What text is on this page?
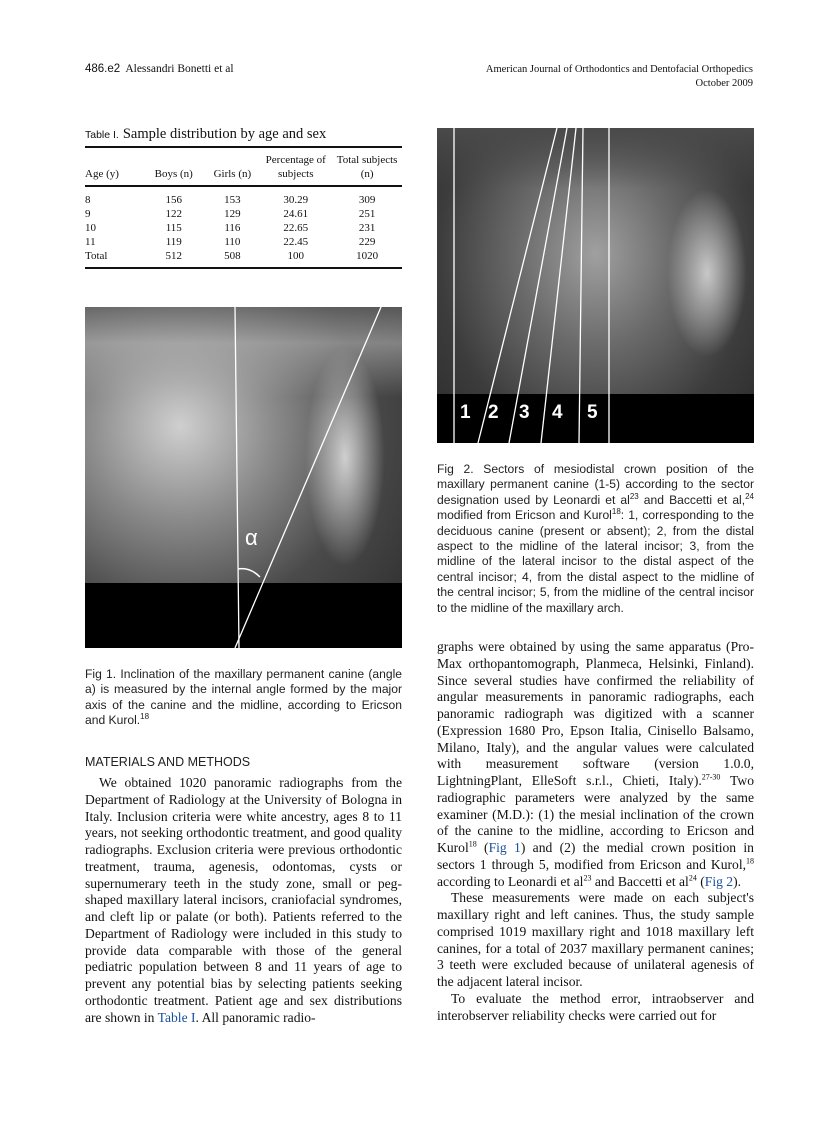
486.e2 Alessandri Bonetti et al	American Journal of Orthodontics and Dentofacial Orthopedics
October 2009
Table I. Sample distribution by age and sex
Age (y)	Boys (n)	Girls (n)	Percentage of subjects	Total subjects (n)
8	156	153	30.29	309
9	122	129	24.61	251
10	115	116	22.65	231
11	119	110	22.45	229
Total	512	508	100	1020
α
Fig 1. Inclination of the maxillary permanent canine (angle a) is measured by the internal angle formed by the major axis of the canine and the midline, according to Ericson and Kurol.$^{18}$
MATERIALS AND METHODS

We obtained 1020 panoramic radiographs from the Department of Radiology at the University of Bologna in Italy. Inclusion criteria were white ancestry, ages 8 to 11 years, not seeking orthodontic treatment, and good quality radiographs. Exclusion criteria were previous orthodontic treatment, trauma, agenesis, odontomas, cysts or supernumerary teeth in the study zone, small or peg-shaped maxillary lateral incisors, craniofacial syndromes, and cleft lip or palate (or both). Patients referred to the Department of Radiology were included in this study to provide data comparable with those of the general pediatric population between 8 and 11 years of age to prevent any potential bias by selecting patients seeking orthodontic treatment. Patient age and sex distributions are shown in Table I. All panoramic radio-

1 2 3 4 5
Fig 2. Sectors of mesiodistal crown position of the maxillary permanent canine (1-5) according to the sector designation used by Leonardi et $al^{23}$ and Baccetti et al,$^{24}$ modified from Ericson and Kurol$^{18}$: 1, corresponding to the deciduous canine (present or absent); 2, from the distal aspect to the midline of the lateral incisor; 3, from the midline of the lateral incisor to the distal aspect of the central incisor; 4, from the distal aspect to the midline of the central incisor; 5, from the midline of the central incisor to the midline of the maxillary arch.

graphs were obtained by using the same apparatus (Pro-Max orthopantomograph, Planmeca, Helsinki, Finland). Since several studies have confirmed the reliability of angular measurements in panoramic radiographs, each panoramic radiograph was digitized with a scanner (Expression 1680 Pro, Epson Italia, Cinisello Balsamo, Milano, Italy), and the angular values were calculated with measurement software (version 1.0.0, LightningPlant, ElleSoft s.r.l., Chieti, Italy).$^{27-30}$ Two radiographic parameters were analyzed by the same examiner (M.D.): (1) the mesial inclination of the crown of the canine to the midline, according to Ericson and Kurol$^{18}$ (Fig 1) and (2) the medial crown position in sectors 1 through 5, modified from Ericson and Kurol,$^{18}$ according to Leonardi et $al^{23}$ and Baccetti et $al^{24}$ (Fig 2).

These measurements were made on each subject's maxillary right and left canines. Thus, the study sample comprised 1019 maxillary right and 1018 maxillary left canines, for a total of 2037 maxillary permanent canines; 3 teeth were excluded because of unilateral agenesis of the adjacent lateral incisor.

To evaluate the method error, intraobserver and interobserver reliability checks were carried out for
